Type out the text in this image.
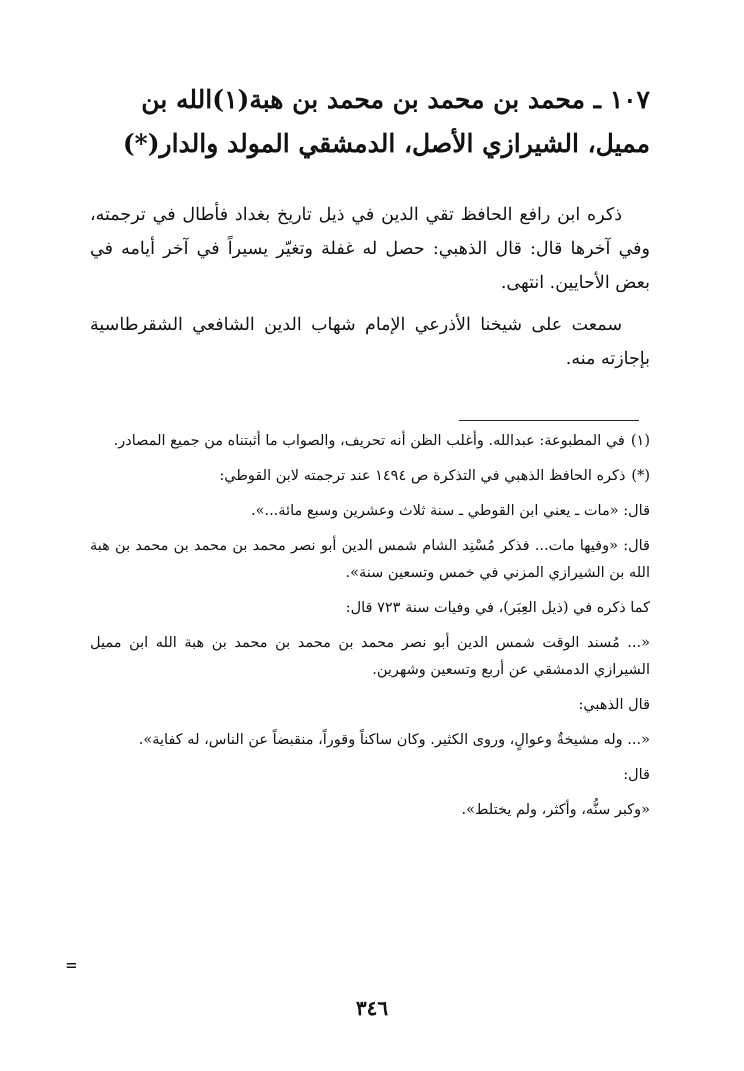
١٠٧ ـ محمد بن محمد بن محمد بن هبة(١)الله بن مميل، الشيرازي الأصل، الدمشقي المولد والدار(*)

ذكره ابن رافع الحافظ تقي الدين في ذيل تاريخ بغداد فأطال في ترجمته، وفي آخرها قال: قال الذهبي: حصل له غفلة وتغيّر يسيراً في آخر أيامه في بعض الأحايين. انتهى.

سمعت على شيخنا الأذرعي الإمام شهاب الدين الشافعي الشقرطاسية بإجازته منه.

(١)في المطبوعة: عبدالله. وأغلب الظن أنه تحريف، والصواب ما أثبتناه من جميع المصادر.

(*)ذكره الحافظ الذهبي في التذكرة ص ١٤٩٤ عند ترجمته لابن القوطي:

قال: «مات ـ يعني ابن القوطي ـ سنة ثلاث وعشرين وسبع مائة...».

قال: «وفيها مات... فذكر مُسْنِد الشام شمس الدين أبو نصر محمد بن محمد بن محمد بن هبة الله بن الشيرازي المزني في خمس وتسعين سنة».

كما ذكره في (ذيل العِبَر)، في وفيات سنة ٧٢٣ قال:

«... مُسند الوقت شمس الدين أبو نصر محمد بن محمد بن محمد بن هبة الله ابن مميل الشيرازي الدمشقي عن أربع وتسعين وشهرين.

قال الذهبي:

«... وله مشيخةٌ وعوالٍ، وروى الكثير. وكان ساكناً وقوراً، منقبضاً عن الناس، له كفاية».

قال:

«وكبر سنُّه، وأكثر، ولم يختلط».

=
٣٤٦
